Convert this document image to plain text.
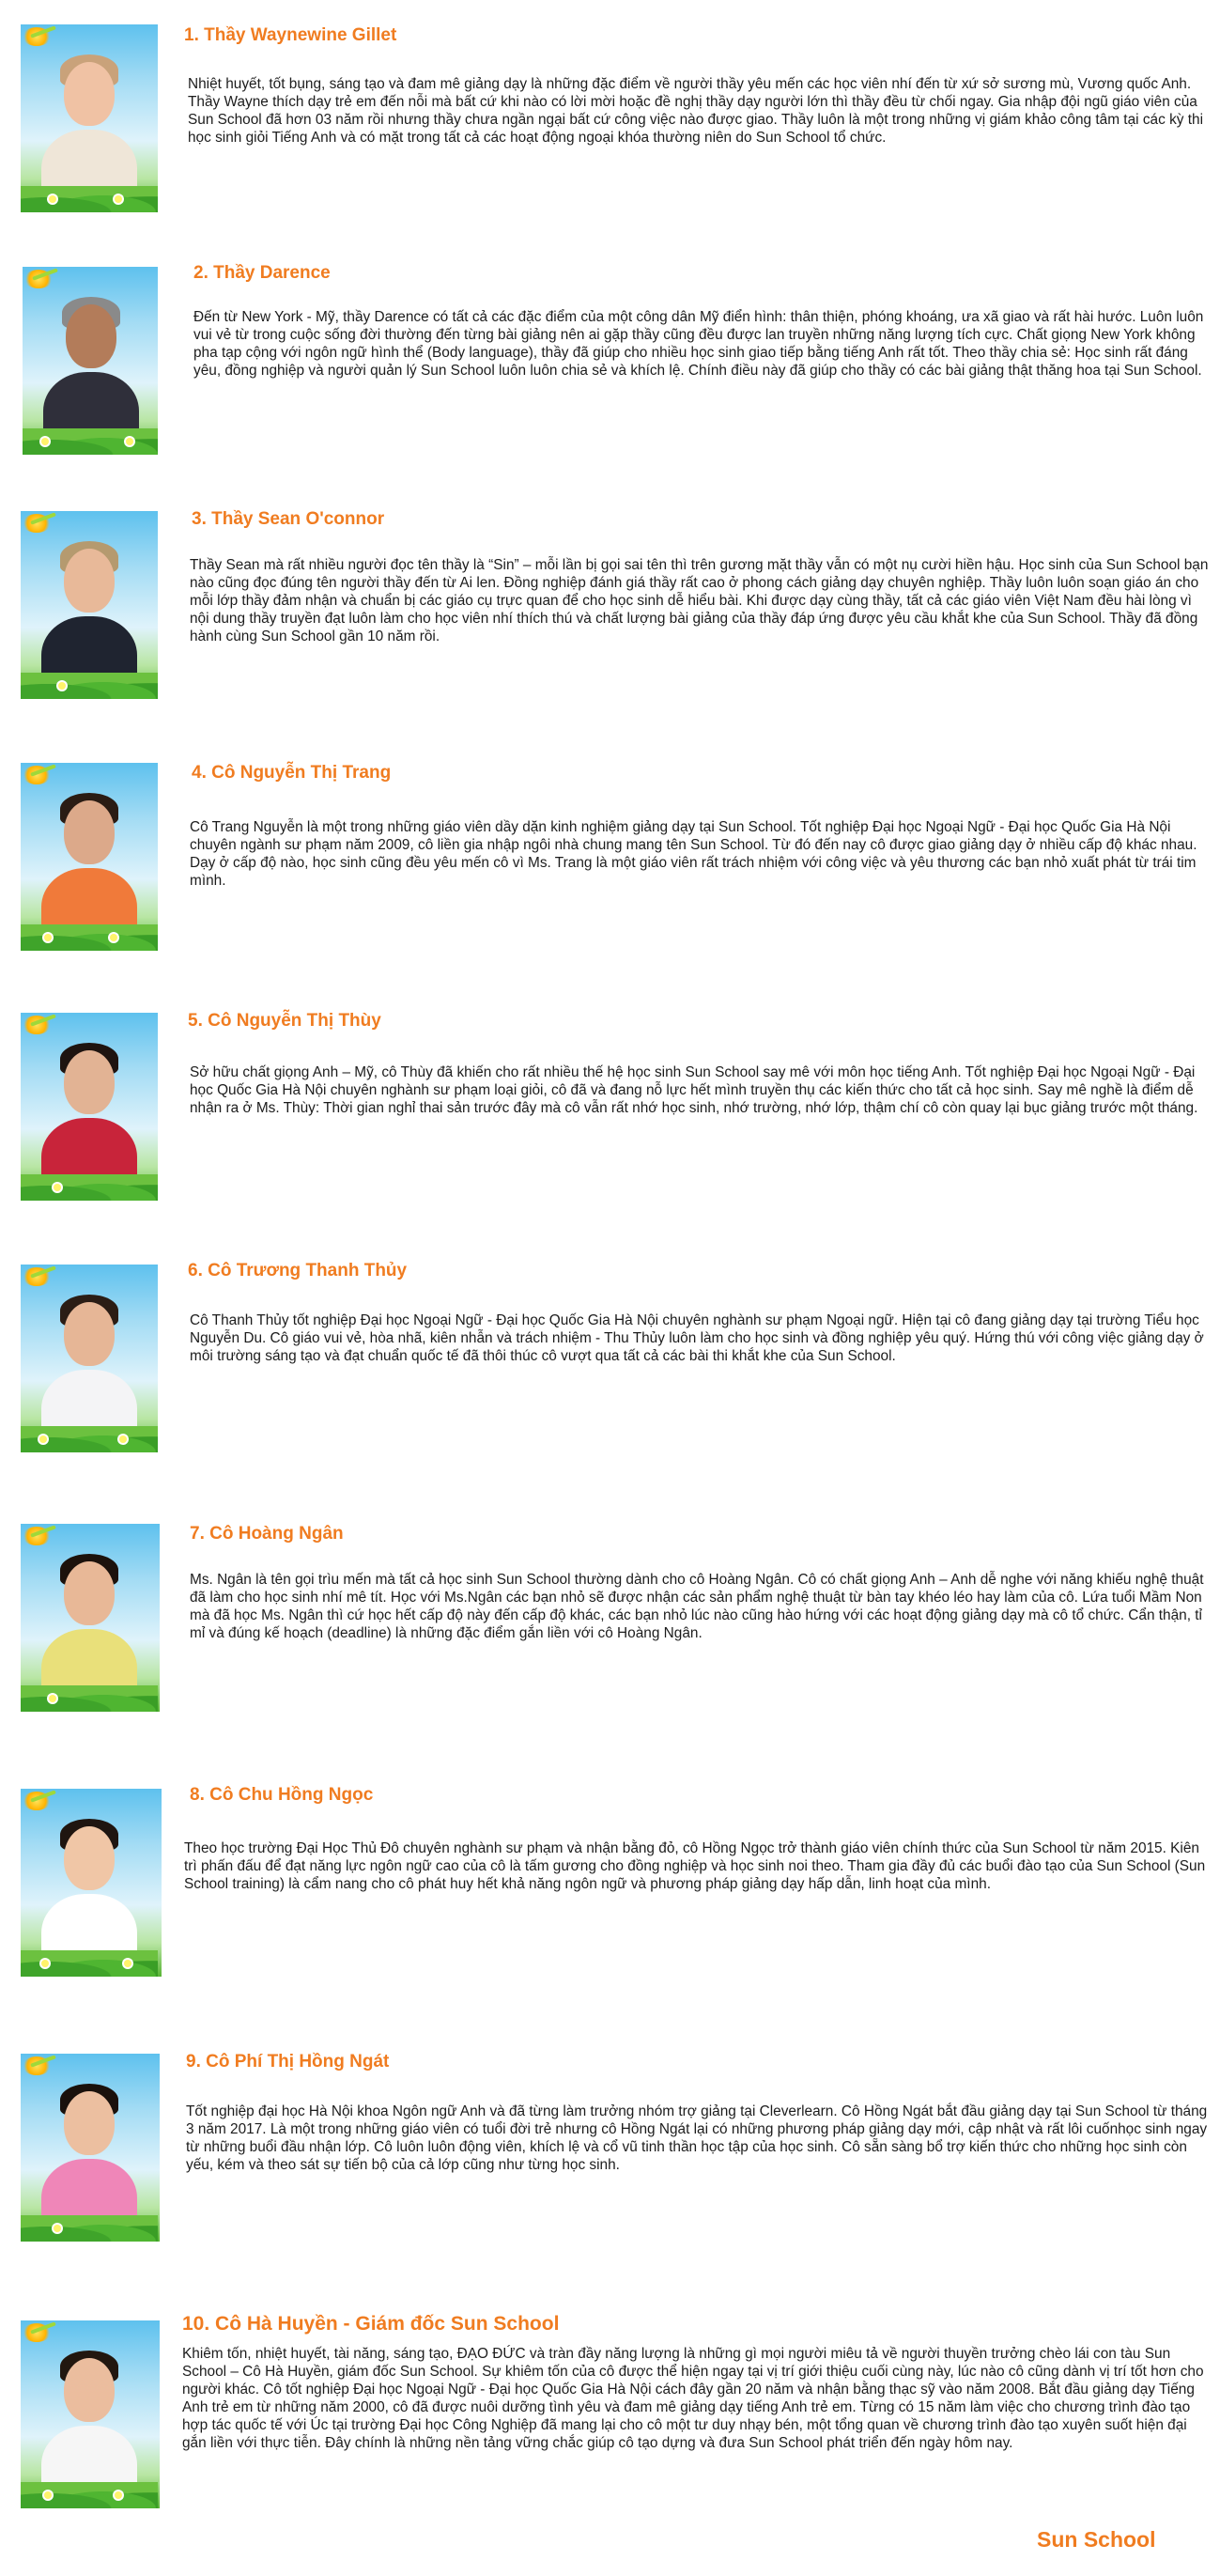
1. Thầy Waynewine Gillet
Nhiệt huyết, tốt bụng, sáng tạo và đam mê giảng dạy là những đặc điểm về người thầy yêu mến các học viên nhí đến từ xứ sở sương mù, Vương quốc Anh. Thầy Wayne thích dạy trẻ em đến nỗi mà bất cứ khi nào có lời mời hoặc đề nghị thầy dạy người lớn thì thầy đều từ chối ngay. Gia nhập đội ngũ giáo viên của Sun School đã hơn 03 năm rồi nhưng thầy chưa ngần ngại bất cứ công việc nào được giao. Thầy luôn là một trong những vị giám khảo công tâm tại các kỳ thi học sinh giỏi Tiếng Anh và có mặt trong tất cả các hoạt động ngoại khóa thường niên do Sun School tổ chức.
2. Thầy Darence
Đến từ New York - Mỹ, thầy Darence có tất cả các đặc điểm của một công dân Mỹ điển hình: thân thiện, phóng khoáng, ưa xã giao và rất hài hước. Luôn luôn vui vẻ từ trong cuộc sống đời thường đến từng bài giảng nên ai gặp thầy cũng đều được lan truyền những năng lượng tích cực. Chất giọng New York không pha tạp cộng với ngôn ngữ hình thể (Body language), thầy đã giúp cho nhiều học sinh giao tiếp bằng tiếng Anh rất tốt. Theo thầy chia sẻ: Học sinh rất đáng yêu, đồng nghiệp và người quản lý Sun School luôn luôn chia sẻ và khích lệ. Chính điều này đã giúp cho thầy có các bài giảng thật thăng hoa tại Sun School.
3. Thầy Sean O'connor
Thầy Sean mà rất nhiều người đọc tên thầy là “Sin” – mỗi lần bị gọi sai tên thì trên gương mặt thầy vẫn có một nụ cười hiền hậu. Học sinh của Sun School bạn nào cũng đọc đúng tên người thầy đến từ Ai len. Đồng nghiệp đánh giá thầy rất cao ở phong cách giảng dạy chuyên nghiệp. Thầy luôn luôn soạn giáo án cho mỗi lớp thầy đảm nhận và chuẩn bị các giáo cụ trực quan để cho học sinh dễ hiểu bài. Khi được dạy cùng thầy, tất cả các giáo viên Việt Nam đều hài lòng vì nội dung thầy truyền đạt luôn làm cho học viên nhí thích thú và chất lượng bài giảng của thầy đáp ứng được yêu cầu khắt khe của Sun School. Thầy đã đồng hành cùng Sun School gần 10 năm rồi.
4. Cô Nguyễn Thị Trang
Cô Trang Nguyễn là một trong những giáo viên dầy dặn kinh nghiệm giảng dạy tại Sun School. Tốt nghiệp Đại học Ngoại Ngữ - Đại học Quốc Gia Hà Nội chuyên ngành sư phạm năm 2009, cô liền gia nhập ngôi nhà chung mang tên Sun School. Từ đó đến nay cô được giao giảng dạy ở nhiều cấp độ khác nhau. Dạy ở cấp độ nào, học sinh cũng đều yêu mến cô vì Ms. Trang là một giáo viên rất trách nhiệm với công việc và yêu thương các bạn nhỏ xuất phát từ trái tim mình.
5. Cô Nguyễn Thị Thùy
Sở hữu chất giọng Anh – Mỹ, cô Thùy đã khiến cho rất nhiều thế hệ học sinh Sun School say mê với môn học tiếng Anh. Tốt nghiệp Đại học Ngoại Ngữ - Đại học Quốc Gia Hà Nội chuyên nghành sư phạm loại giỏi, cô đã và đang nỗ lực hết mình truyền thụ các kiến thức cho tất cả học sinh. Say mê nghề là điểm dễ nhận ra ở Ms. Thùy: Thời gian nghỉ thai sản trước đây mà cô vẫn rất nhớ học sinh, nhớ trường, nhớ lớp, thậm chí cô còn quay lại bục giảng trước một tháng.
6. Cô Trương Thanh Thủy
Cô Thanh Thủy tốt nghiệp Đại học Ngoại Ngữ - Đại học Quốc Gia Hà Nội chuyên nghành sư phạm Ngoại ngữ. Hiện tại cô đang giảng dạy tại trường Tiểu học Nguyễn Du. Cô giáo vui vẻ, hòa nhã, kiên nhẫn và trách nhiệm - Thu Thủy luôn làm cho học sinh và đồng nghiệp yêu quý. Hứng thú với công việc giảng dạy ở môi trường sáng tạo và đạt chuẩn quốc tế đã thôi thúc cô vượt qua tất cả các bài thi khắt khe của Sun School.
7. Cô Hoàng Ngân
Ms. Ngân là tên gọi trìu mến mà tất cả học sinh Sun School thường dành cho cô Hoàng Ngân. Cô có chất giọng Anh – Anh dễ nghe với năng khiếu nghệ thuật đã làm cho học sinh nhí mê tít. Học với Ms.Ngân các bạn nhỏ sẽ được nhận các sản phẩm nghệ thuật từ bàn tay khéo léo hay làm của cô. Lứa tuổi Mầm Non mà đã học Ms. Ngân thì cứ học hết cấp độ này đến cấp độ khác, các bạn nhỏ lúc nào cũng hào hứng với các hoạt động giảng dạy mà cô tổ chức. Cẩn thận, tỉ mỉ và đúng kế hoạch (deadline) là những đặc điểm gắn liền với cô Hoàng Ngân.
8. Cô Chu Hồng Ngọc
Theo học trường Đại Học Thủ Đô chuyên nghành sư phạm và nhận bằng đỏ, cô Hồng Ngọc trở thành giáo viên chính thức của Sun School từ năm 2015. Kiên trì phấn đấu để đạt năng lực ngôn ngữ cao của cô là tấm gương cho đồng nghiệp và học sinh noi theo. Tham gia đầy đủ các buổi đào tạo của Sun School (Sun School training) là cẩm nang cho cô phát huy hết khả năng ngôn ngữ và phương pháp giảng dạy hấp dẫn, linh hoạt của mình.
9. Cô Phí Thị Hồng Ngát
Tốt nghiệp đại học Hà Nội khoa Ngôn ngữ Anh và đã từng làm trưởng nhóm trợ giảng tại Cleverlearn. Cô Hồng Ngát bắt đầu giảng dạy tại Sun School từ tháng 3 năm 2017. Là một trong những giáo viên có tuổi đời trẻ nhưng cô Hồng Ngát lại có những phương pháp giảng dạy mới, cập nhật và rất lôi cuốnhọc sinh ngay từ những buổi đầu nhận lớp. Cô luôn luôn động viên, khích lệ và cổ vũ tinh thần học tập của học sinh. Cô sẵn sàng bổ trợ kiến thức cho những học sinh còn yếu, kém và theo sát sự tiến bộ của cả lớp cũng như từng học sinh.
10. Cô Hà Huyền - Giám đốc Sun School
Khiêm tốn, nhiệt huyết, tài năng, sáng tạo, ĐẠO ĐỨC và tràn đầy năng lượng là những gì mọi người miêu tả về người thuyền trưởng chèo lái con tàu Sun School – Cô Hà Huyền, giám đốc Sun School. Sự khiêm tốn của cô được thể hiện ngay tại vị trí giới thiệu cuối cùng này, lúc nào cô cũng dành vị trí tốt hơn cho người khác. Cô tốt nghiệp Đại học Ngoại Ngữ - Đại học Quốc Gia Hà Nội cách đây gần 20 năm và nhận bằng thạc sỹ vào năm 2008. Bắt đầu giảng dạy Tiếng Anh trẻ em từ những năm 2000, cô đã được nuôi dưỡng tình yêu và đam mê giảng dạy tiếng Anh trẻ em. Từng có 15 năm làm việc cho chương trình đào tạo hợp tác quốc tế với Úc tại trường Đại học Công Nghiệp đã mang lại cho cô một tư duy nhạy bén, một tổng quan về chương trình đào tạo xuyên suốt hiện đại gắn liền với thực tiễn. Đây chính là những nền tảng vững chắc giúp cô tạo dựng và đưa Sun School phát triển đến ngày hôm nay.
Sun School
